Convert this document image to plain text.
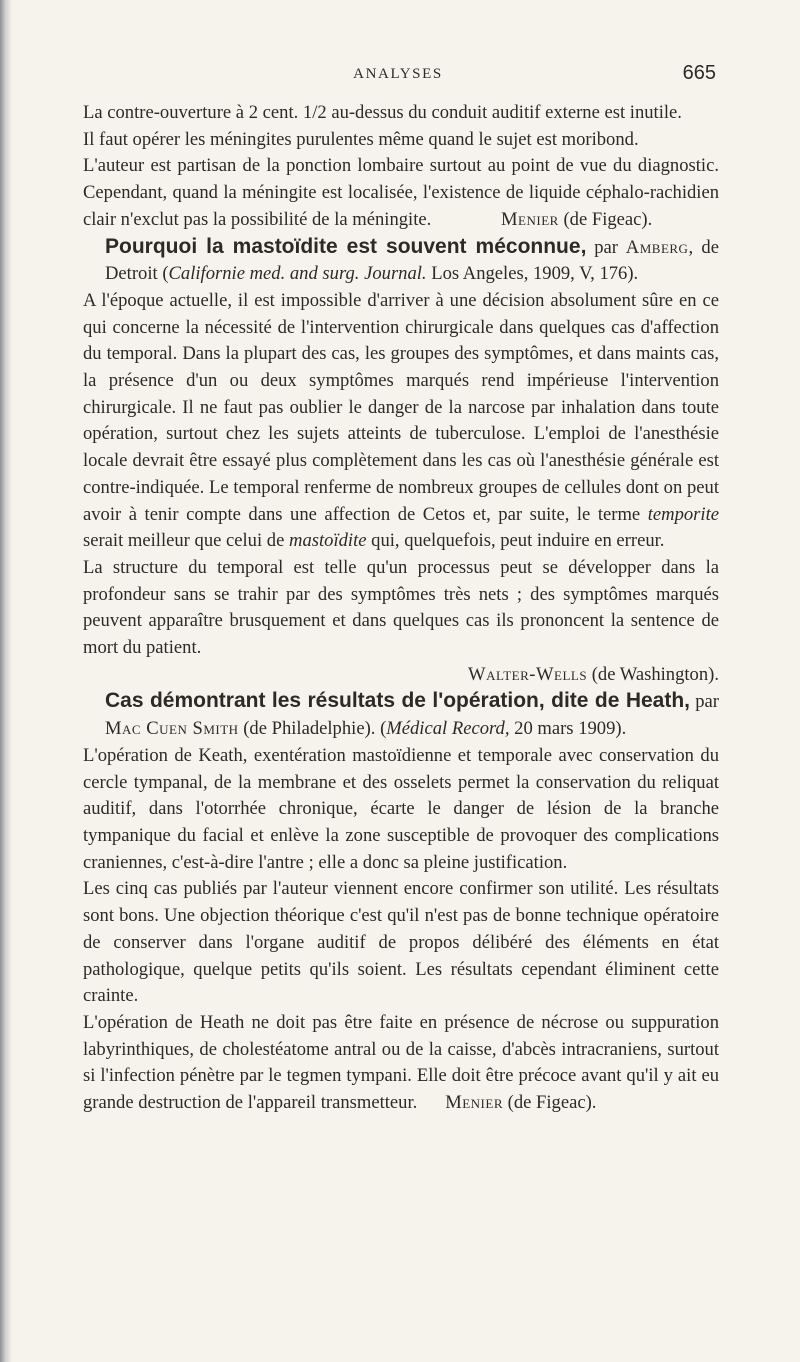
ANALYSES	665

La contre-ouverture à 2 cent. 1/2 au-dessus du conduit auditif externe est inutile.

Il faut opérer les méningites purulentes même quand le sujet est moribond.

L'auteur est partisan de la ponction lombaire surtout au point de vue du diagnostic. Cependant, quand la méningite est localisée, l'existence de liquide céphalo-rachidien clair n'exclut pas la possibilité de la méningite.	Menier (de Figeac).

Pourquoi la mastoïdite est souvent méconnue, par Amberg, de Detroit (Californie med. and surg. Journal. Los Angeles, 1909, V, 176).

A l'époque actuelle, il est impossible d'arriver à une décision absolument sûre en ce qui concerne la nécessité de l'intervention chirurgicale dans quelques cas d'affection du temporal. Dans la plupart des cas, les groupes des symptômes, et dans maints cas, la présence d'un ou deux symptômes marqués rend impérieuse l'intervention chirurgicale. Il ne faut pas oublier le danger de la narcose par inhalation dans toute opération, surtout chez les sujets atteints de tuberculose. L'emploi de l'anesthésie locale devrait être essayé plus complètement dans les cas où l'anesthésie générale est contre-indiquée. Le temporal renferme de nombreux groupes de cellules dont on peut avoir à tenir compte dans une affection de Cetos et, par suite, le terme temporite serait meilleur que celui de mastoïdite qui, quelquefois, peut induire en erreur.

La structure du temporal est telle qu'un processus peut se développer dans la profondeur sans se trahir par des symptômes très nets ; des symptômes marqués peuvent apparaître brusquement et dans quelques cas ils prononcent la sentence de mort du patient.

Walter-Wells (de Washington).

Cas démontrant les résultats de l'opération, dite de Heath, par Mac Cuen Smith (de Philadelphie). (Médical Record, 20 mars 1909).

L'opération de Keath, exentération mastoïdienne et temporale avec conservation du cercle tympanal, de la membrane et des osselets permet la conservation du reliquat auditif, dans l'otorrhée chronique, écarte le danger de lésion de la branche tympanique du facial et enlève la zone susceptible de provoquer des complications craniennes, c'est-à-dire l'antre ; elle a donc sa pleine justification.

Les cinq cas publiés par l'auteur viennent encore confirmer son utilité. Les résultats sont bons. Une objection théorique c'est qu'il n'est pas de bonne technique opératoire de conserver dans l'organe auditif de propos délibéré des éléments en état pathologique, quelque petits qu'ils soient. Les résultats cependant éliminent cette crainte.

L'opération de Heath ne doit pas être faite en présence de nécrose ou suppuration labyrinthiques, de cholestéatome antral ou de la caisse, d'abcès intracraniens, surtout si l'infection pénètre par le tegmen tympani. Elle doit être précoce avant qu'il y ait eu grande destruction de l'appareil transmetteur. Menier (de Figeac).
